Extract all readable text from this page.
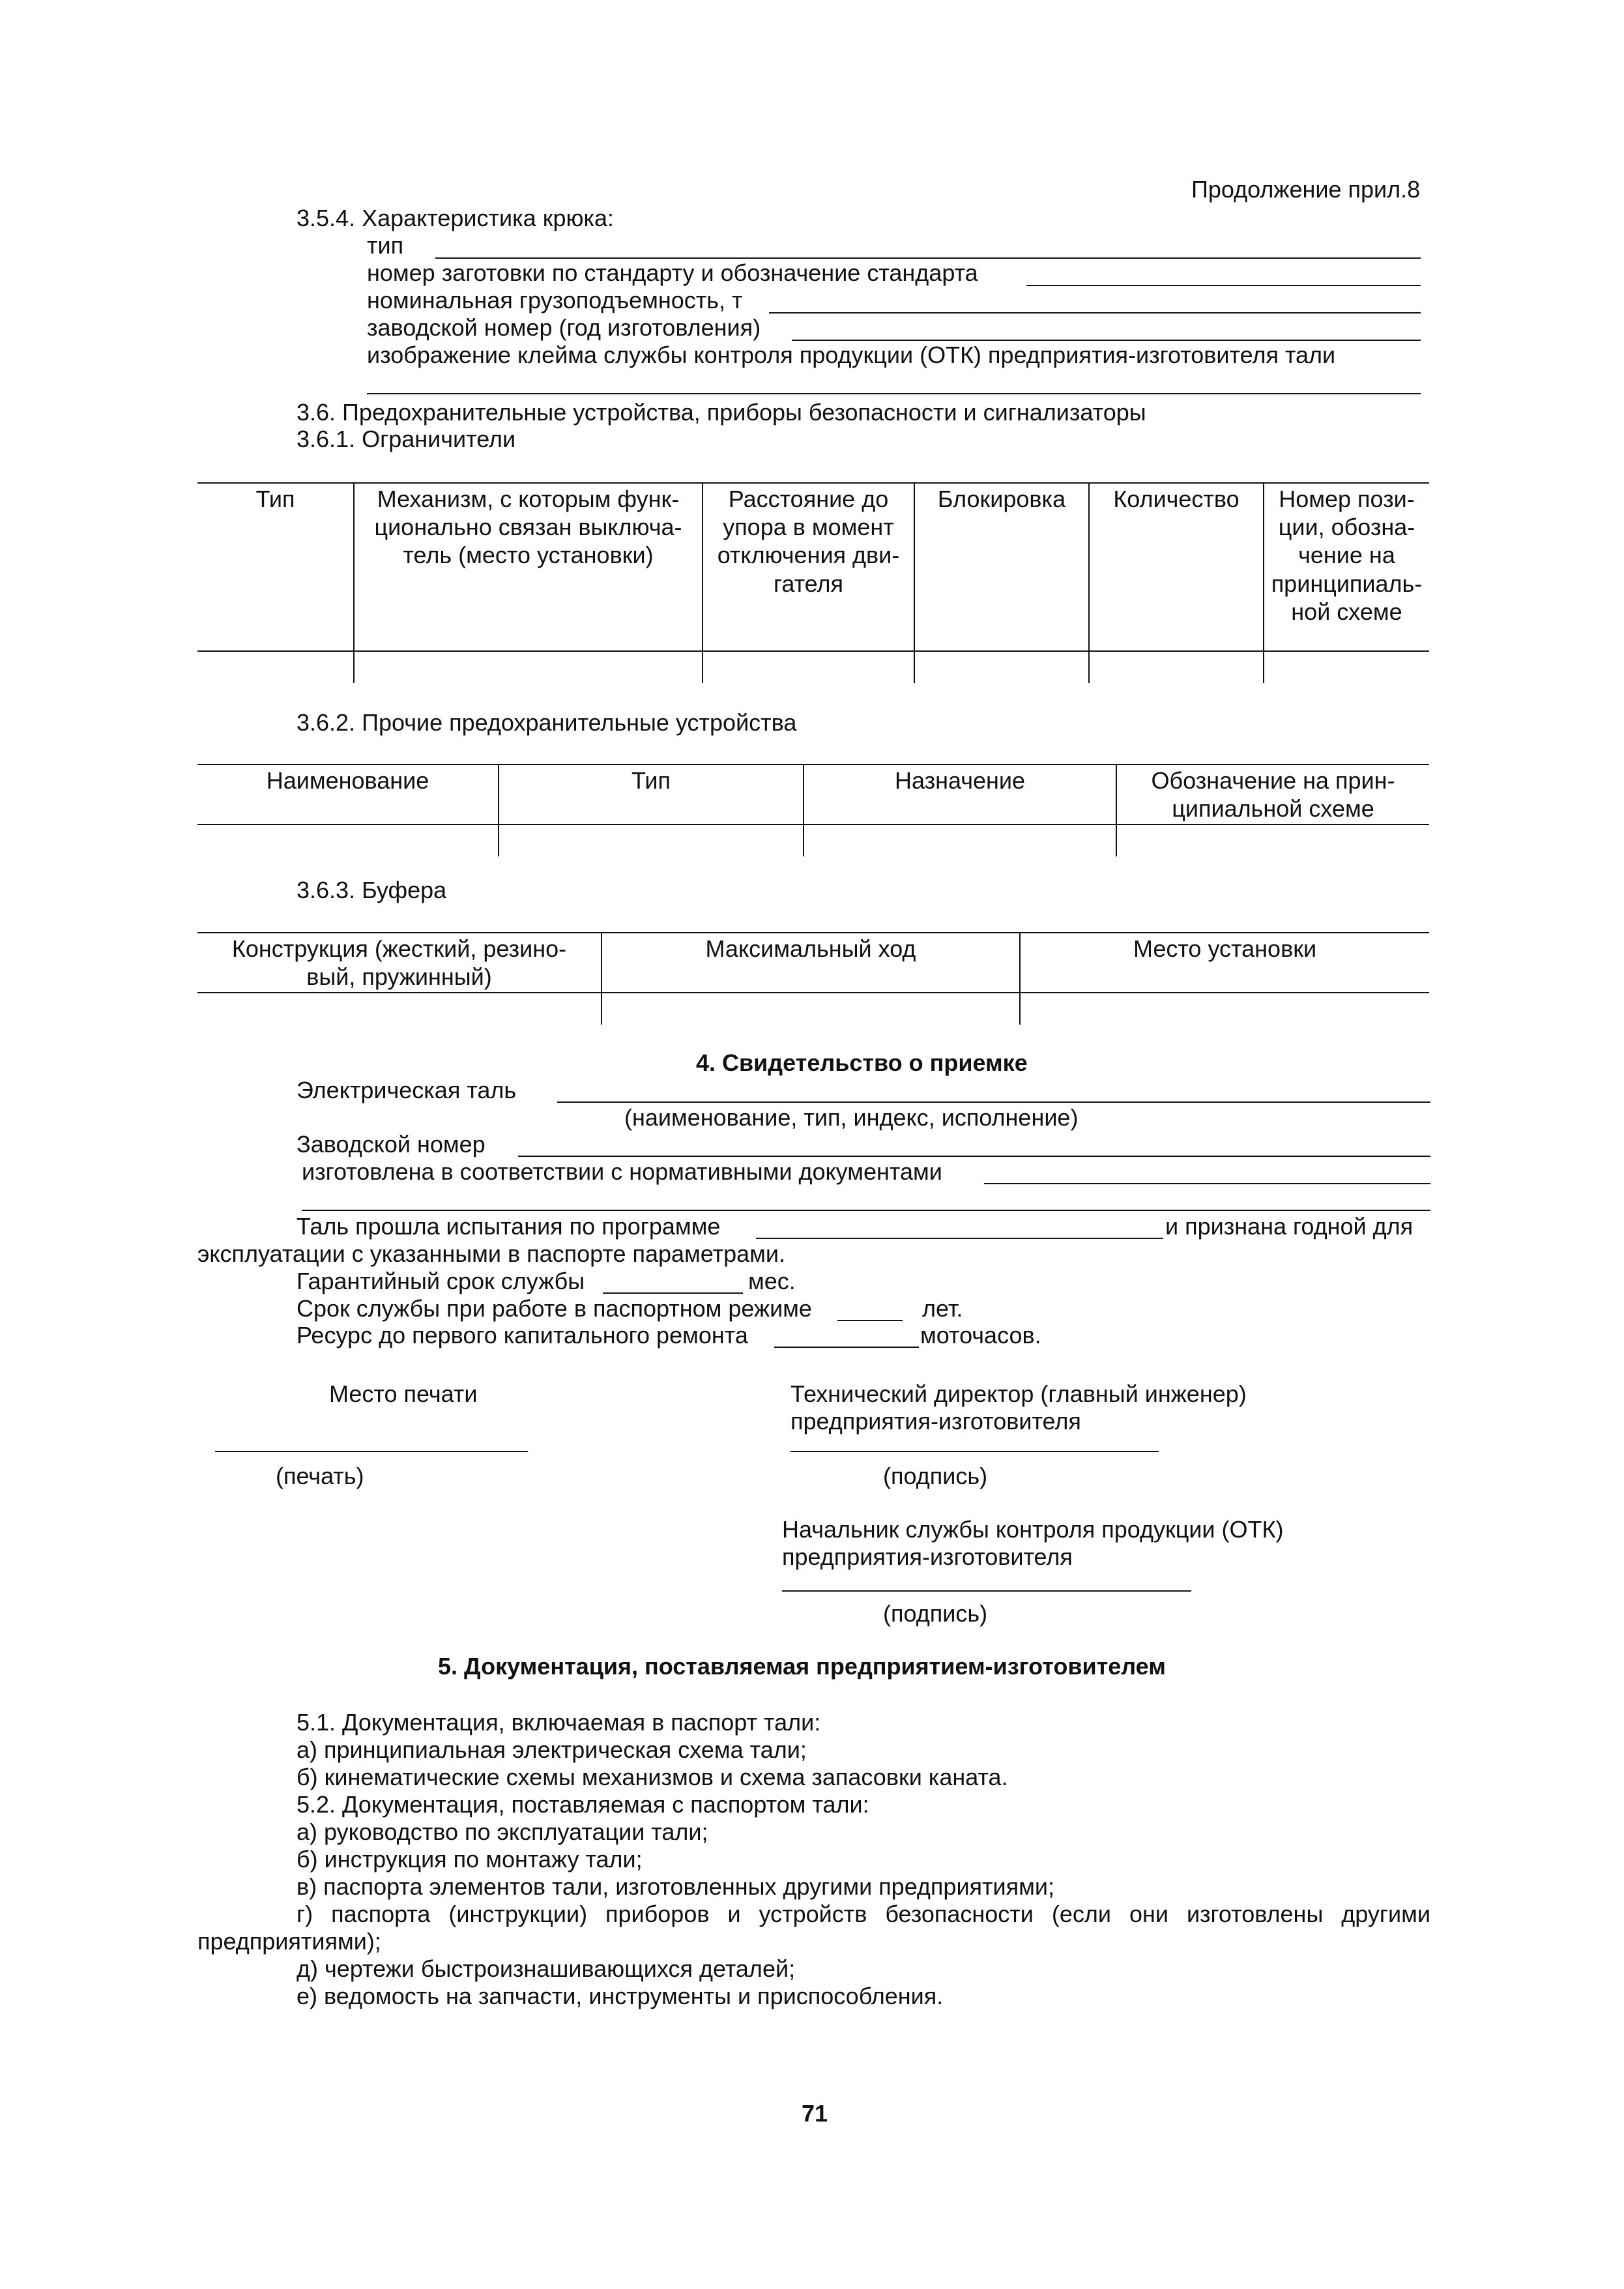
Продолжение прил.8
3.5.4. Характеристика крюка:
тип
номер заготовки по стандарту и обозначение стандарта
номинальная грузоподъемность, т
заводской номер (год изготовления)
изображение клейма службы контроля продукции (ОТК) предприятия-изготовителя тали
3.6. Предохранительные устройства, приборы безопасности и сигнализаторы
3.6.1. Ограничители
Тип	Механизм, с которым функ-
ционально связан выключа-
тель (место установки)	Расстояние до
упора в момент
отключения дви-
гателя	Блокировка	Количество	Номер пози-
ции, обозна-
чение на
принципиаль-
ной схеме

3.6.2. Прочие предохранительные устройства
Наименование	Тип	Назначение	Обозначение на прин-
ципиальной схеме

3.6.3. Буфера
Конструкция (жесткий, резино-
вый, пружинный)	Максимальный ход	Место установки

4. Свидетельство о приемке
Электрическая таль
(наименование, тип, индекс, исполнение)
Заводской номер
изготовлена в соответствии с нормативными документами
Таль прошла испытания по программе	и признана годной для
эксплуатации с указанными в паспорте параметрами.
Гарантийный срок службы	мес.
Срок службы при работе в паспортном режиме	лет.
Ресурс до первого капитального ремонта	моточасов.
Место печати
(печать)
Технический директор (главный инженер)
предприятия-изготовителя
(подпись)
Начальник службы контроля продукции (ОТК)
предприятия-изготовителя
(подпись)
5. Документация, поставляемая предприятием-изготовителем
5.1. Документация, включаемая в паспорт тали:
а) принципиальная электрическая схема тали;
б) кинематические схемы механизмов и схема запасовки каната.
5.2. Документация, поставляемая с паспортом тали:
а) руководство по эксплуатации тали;
б) инструкция по монтажу тали;
в) паспорта элементов тали, изготовленных другими предприятиями;
г) паспорта (инструкции) приборов и устройств безопасности (если они изготовлены другими
предприятиями);
д) чертежи быстроизнашивающихся деталей;
е) ведомость на запчасти, инструменты и приспособления.
71
